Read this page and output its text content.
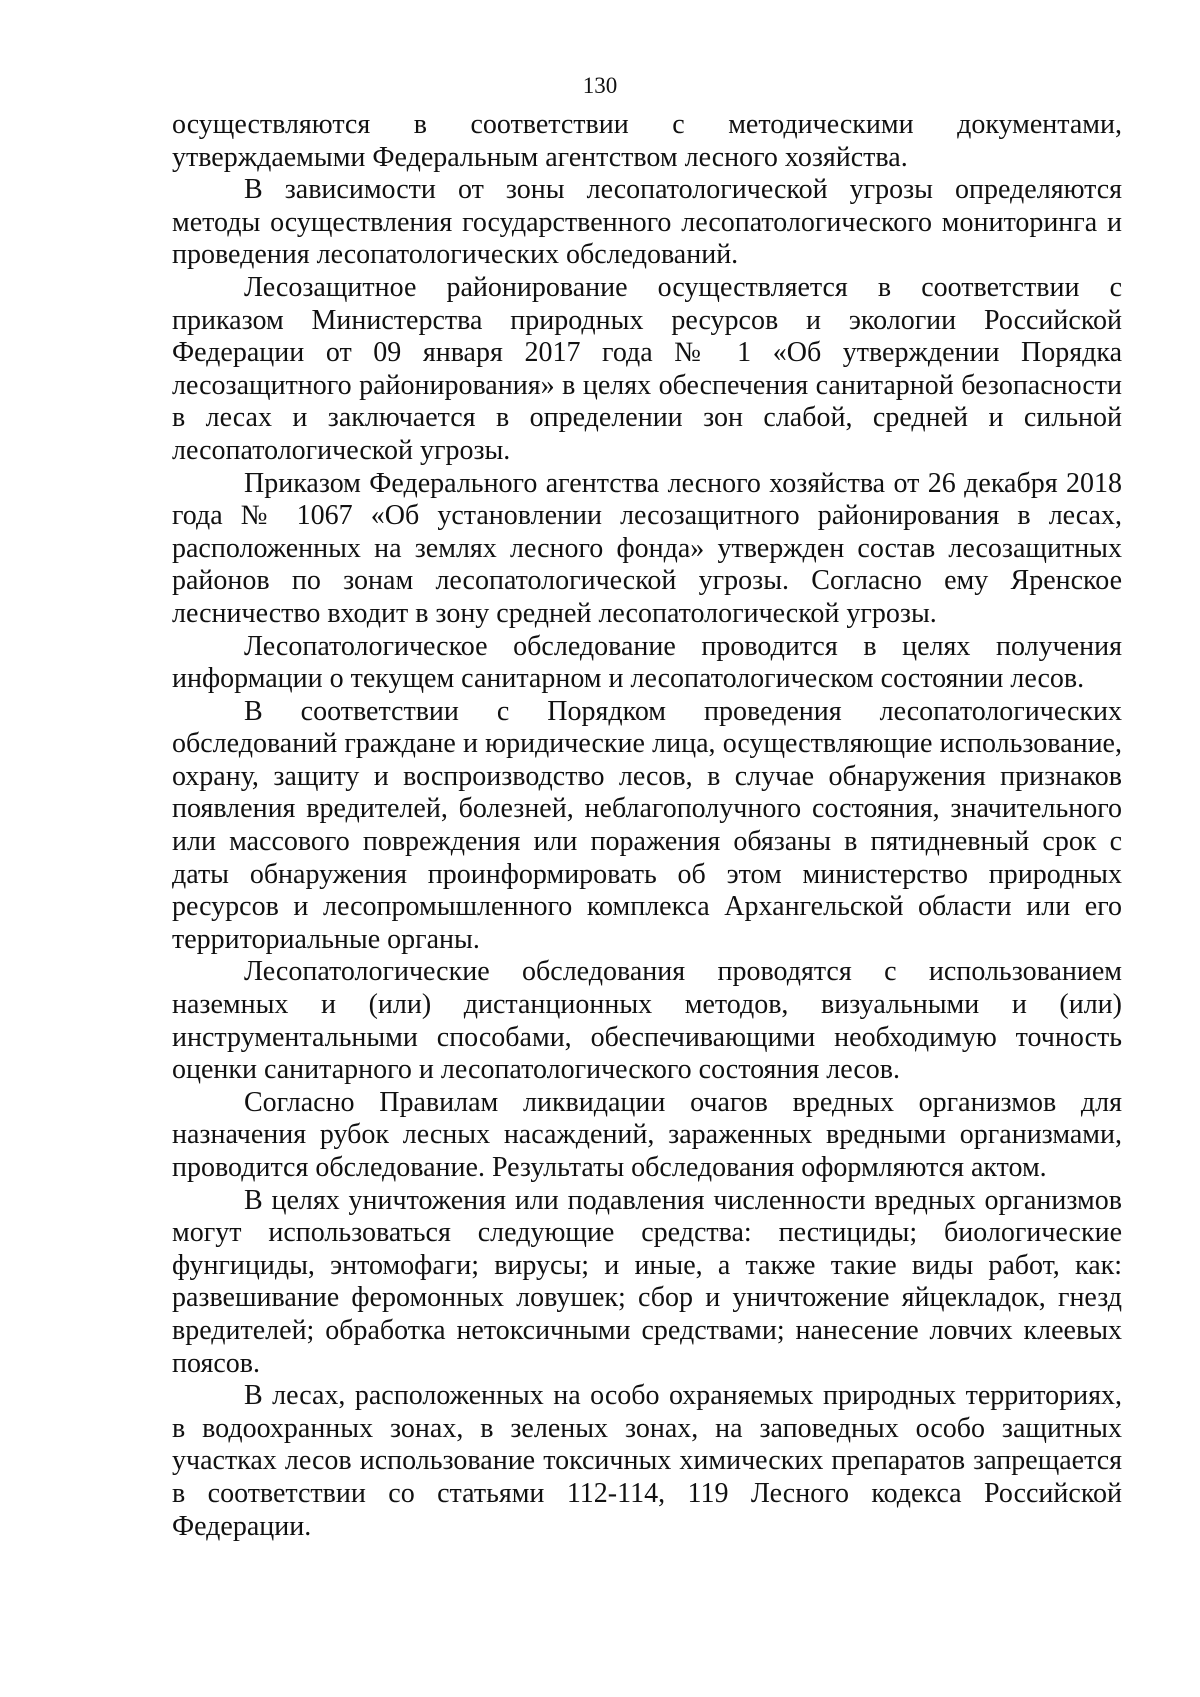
130

осуществляются в соответствии с методическими документами, утверждаемыми Федеральным агентством лесного хозяйства.

В зависимости от зоны лесопатологической угрозы определяются методы осуществления государственного лесопатологического мониторинга и проведения лесопатологических обследований.

Лесозащитное районирование осуществляется в соответствии с приказом Министерства природных ресурсов и экологии Российской Федерации от 09 января 2017 года № 1 «Об утверждении Порядка лесозащитного районирования» в целях обеспечения санитарной безопасности в лесах и заключается в определении зон слабой, средней и сильной лесопатологической угрозы.

Приказом Федерального агентства лесного хозяйства от 26 декабря 2018 года № 1067 «Об установлении лесозащитного районирования в лесах, расположенных на землях лесного фонда» утвержден состав лесозащитных районов по зонам лесопатологической угрозы. Согласно ему Яренское лесничество входит в зону средней лесопатологической угрозы.

Лесопатологическое обследование проводится в целях получения информации о текущем санитарном и лесопатологическом состоянии лесов.

В соответствии с Порядком проведения лесопатологических обследований граждане и юридические лица, осуществляющие использование, охрану, защиту и воспроизводство лесов, в случае обнаружения признаков появления вредителей, болезней, неблагополучного состояния, значительного или массового повреждения или поражения обязаны в пятидневный срок с даты обнаружения проинформировать об этом министерство природных ресурсов и лесопромышленного комплекса Архангельской области или его территориальные органы.

Лесопатологические обследования проводятся с использованием наземных и (или) дистанционных методов, визуальными и (или) инструментальными способами, обеспечивающими необходимую точность оценки санитарного и лесопатологического состояния лесов.

Согласно Правилам ликвидации очагов вредных организмов для назначения рубок лесных насаждений, зараженных вредными организмами, проводится обследование. Результаты обследования оформляются актом.

В целях уничтожения или подавления численности вредных организмов могут использоваться следующие средства: пестициды; биологические фунгициды, энтомофаги; вирусы; и иные, а также такие виды работ, как: развешивание феромонных ловушек; сбор и уничтожение яйцекладок, гнезд вредителей; обработка нетоксичными средствами; нанесение ловчих клеевых поясов.

В лесах, расположенных на особо охраняемых природных территориях, в водоохранных зонах, в зеленых зонах, на заповедных особо защитных участках лесов использование токсичных химических препаратов запрещается в соответствии со статьями 112-114, 119 Лесного кодекса Российской Федерации.
